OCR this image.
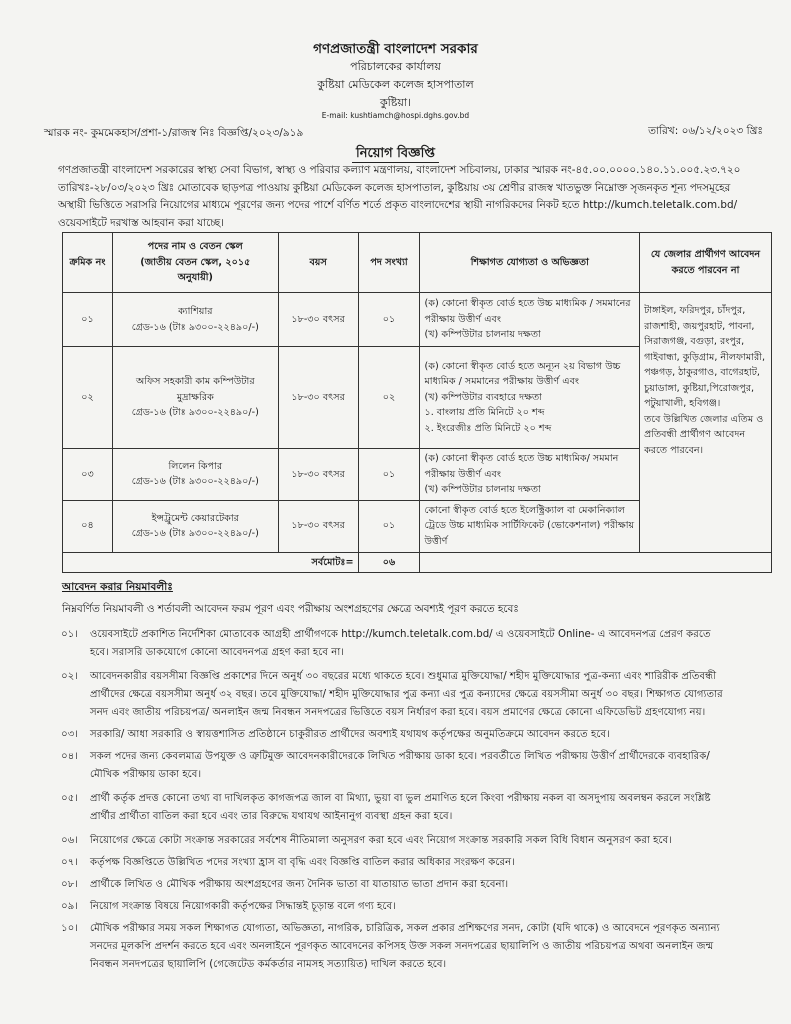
গণপ্রজাতন্ত্রী বাংলাদেশ সরকার
পরিচালকের কার্যালয়
কুষ্টিয়া মেডিকেল কলেজ হাসপাতাল
কুষ্টিয়া।
E-mail: kushtiamch@hospi.dghs.gov.bd
স্মারক নং- কুমমেকহাস/প্রশা-১/রাজস্ব নিঃ বিজ্ঞপ্তি/২০২৩/৯১৯	তারিখ: ০৬/১২/২০২৩ খ্রিঃ
নিয়োগ বিজ্ঞপ্তি
গণপ্রজাতন্ত্রী বাংলাদেশ সরকারের স্বাস্থ্য সেবা বিভাগ, স্বাস্থ্য ও পরিবার কল্যাণ মন্ত্রণালয়, বাংলাদেশ সচিবালয়, ঢাকার স্মারক নং-৪৫.০০.০০০০.১৪০.১১.০০৫.২৩.৭২০
তারিখঃ-২৮/০৩/২০২৩ খ্রিঃ মোতাবেক ছাড়পত্র পাওয়ায় কুষ্টিয়া মেডিকেল কলেজ হাসপাতাল, কুষ্টিয়ায় ৩য় শ্রেণীর রাজস্ব খাতভুক্ত নিম্নোক্ত সৃজনকৃত শূন্য পদসমূহের
অস্থায়ী ভিত্তিতে সরাসরি নিয়োগের মাধ্যমে পূরণের জন্য পদের পার্শে বর্ণিত শর্তে প্রকৃত বাংলাদেশের স্থায়ী নাগরিকদের নিকট হতে http://kumch.teletalk.com.bd/
ওয়েবসাইটে দরখাস্ত আহবান করা যাচ্ছে।
ক্রমিক নং	পদের নাম ও বেতন স্কেল
(জাতীয় বেতন স্কেল, ২০১৫
অনুযায়ী)	বয়স	পদ সংখ্যা	শিক্ষাগত যোগ্যতা ও অভিজ্ঞতা	যে জেলার প্রার্থীগণ আবেদন করতে পারবেন না
০১	ক্যাশিয়ার
গ্রেড-১৬ (টাঃ ৯৩০০-২২৪৯০/-)	১৮-৩০ বৎসর	০১	(ক) কোনো স্বীকৃত বোর্ড হতে উচ্চ মাধ্যমিক / সমমানের পরীক্ষায় উত্তীর্ণ এবং
(খ) কম্পিউটার চালনায় দক্ষতা	টাঙ্গাইল, ফরিদপুর, চাঁদপুর, রাজশাহী, জয়পুরহাট, পাবনা, সিরাজগঞ্জ, বগুড়া, রংপুর, গাইবান্ধা, কুড়িগ্রাম, নীলফামারী, পঞ্চগড়, ঠাকুরগাও, বাগেরহাট, চুয়াডাঙ্গা, কুষ্টিয়া,পিরোজপুর, পটুয়াখালী, হবিগঞ্জ।
তবে উল্লিখিত জেলার এতিম ও প্রতিবন্ধী প্রার্থীগণ আবেদন করতে পারবেন।
০২	অফিস সহকারী কাম কম্পিউটার মুদ্রাক্ষরিক
গ্রেড-১৬ (টাঃ ৯৩০০-২২৪৯০/-)	১৮-৩০ বৎসর	০২	(ক) কোনো স্বীকৃত বোর্ড হতে অন্যূন ২য় বিভাগ উচ্চ মাধ্যমিক / সমমানের পরীক্ষায় উত্তীর্ণ এবং
(খ) কম্পিউটার ব্যবহারে দক্ষতা
১. বাংলায় প্রতি মিনিটে ২০ শব্দ
২. ইংরেজীঃ প্রতি মিনিটে ২০ শব্দ	
০৩	লিলেন কিপার
গ্রেড-১৬ (টাঃ ৯৩০০-২২৪৯০/-)	১৮-৩০ বৎসর	০১	(ক) কোনো স্বীকৃত বোর্ড হতে উচ্চ মাধ্যমিক/ সমমান পরীক্ষায় উত্তীর্ণ এবং
(খ) কম্পিউটার চালনায় দক্ষতা	
০৪	ইন্সট্রুমেন্ট কেয়ারটেকার
গ্রেড-১৬ (টাঃ ৯৩০০-২২৪৯০/-)	১৮-৩০ বৎসর	০১	কোনো স্বীকৃত বোর্ড হতে ইলেক্ট্রিক্যাল বা মেকানিক্যাল ট্রেডে উচ্চ মাধ্যমিক সার্টিফিকেট (ভোকেশনাল) পরীক্ষায় উত্তীর্ণ	
সর্বমোটঃ=			০৬		
আবেদন করার নিয়মাবলীঃ
নিম্নবর্ণিত নিয়মাবলী ও শর্তাবলী আবেদন ফরম পূরণ এবং পরীক্ষায় অংশগ্রহণের ক্ষেত্রে অবশ্যই পূরণ করতে হবেঃ
০১। ওয়েবসাইটে প্রকাশিত নির্দেশিকা মোতাবেক আগ্রহী প্রার্থীগণকে http://kumch.teletalk.com.bd/ এ ওয়েবসাইটে Online- এ আবেদনপত্র প্রেরণ করতে
হবে। সরাসরি ডাকযোগে কোনো আবেদনপত্র গ্রহণ করা হবে না।
০২। আবেদনকারীর বয়সসীমা বিজ্ঞপ্তি প্রকাশের দিনে অনুর্ধ ৩০ বছরের মধ্যে থাকতে হবে। শুধুমাত্র মুক্তিযোদ্ধা/ শহীদ মুক্তিযোদ্ধার পুত্র-কন্যা এবং শারিরীক প্রতিবন্ধী
প্রার্থীদের ক্ষেত্রে বয়সসীমা অনুর্ধ ৩২ বছর। তবে মুক্তিযোদ্ধা/ শহীদ মুক্তিযোদ্ধার পুত্র কন্যা এর পুত্র কন্যাদের ক্ষেত্রে বয়সসীমা অনুর্ধ ৩০ বছর। শিক্ষাগত যোগ্যতার
সনদ এবং জাতীয় পরিচয়পত্র/ অনলাইন জন্ম নিবন্ধন সনদপত্রের ভিত্তিতে বয়স নির্ধারণ করা হবে। বয়স প্রমাণের ক্ষেত্রে কোনো এফিডেভিট গ্রহণযোগ্য নয়।
০৩। সরকারি/ আধা সরকারি ও স্বায়ত্তশাসিত প্রতিষ্ঠানে চাকুরীরত প্রার্থীদের অবশ্যই যথাযথ কর্তৃপক্ষের অনুমতিক্রমে আবেদন করতে হবে।
০৪। সকল পদের জন্য কেবলমাত্র উপযুক্ত ও ত্রুটিমুক্ত আবেদনকারীদেরকে লিখিত পরীক্ষায় ডাকা হবে। পরবর্তীতে লিখিত পরীক্ষায় উত্তীর্ণ প্রার্থীদেরকে ব্যবহারিক/
মৌখিক পরীক্ষায় ডাকা হবে।
০৫। প্রার্থী কর্তৃক প্রদত্ত কোনো তথ্য বা দাখিলকৃত কাগজপত্র জাল বা মিথ্যা, ভুয়া বা ভুল প্রমাণিত হলে কিংবা পরীক্ষায় নকল বা অসদুপায় অবলম্বন করলে সংশ্লিষ্ট
প্রার্থীর প্রার্থীতা বাতিল করা হবে এবং তার বিরুদ্ধে যথাযথ আইনানুগ ব্যবস্থা গ্রহন করা হবে।
০৬। নিয়োগের ক্ষেত্রে কোটা সংক্রান্ত সরকারের সর্বশেষ নীতিমালা অনুসরণ করা হবে এবং নিয়োগ সংক্রান্ত সরকারি সকল বিধি বিধান অনুসরণ করা হবে।
০৭। কর্তৃপক্ষ বিজ্ঞপ্তিতে উল্লিখিত পদের সংখ্যা হ্রাস বা বৃদ্ধি এবং বিজ্ঞপ্তি বাতিল করার অধিকার সংরক্ষণ করেন।
০৮। প্রার্থীকে লিখিত ও মৌখিক পরীক্ষায় অংশগ্রহণের জন্য দৈনিক ভাতা বা যাতায়াত ভাতা প্রদান করা হবেনা।
০৯। নিয়োগ সংক্রান্ত বিষয়ে নিয়োগকারী কর্তৃপক্ষের সিদ্ধান্তই চূড়ান্ত বলে গণ্য হবে।
১০। মৌখিক পরীক্ষার সময় সকল শিক্ষাগত যোগ্যতা, অভিজ্ঞতা, নাগরিক, চারিত্রিক, সকল প্রকার প্রশিক্ষণের সনদ, কোটা (যদি থাকে) ও আবেদনে পূরণকৃত অন্যান্য
সনদের মূলকপি প্রদর্শন করতে হবে এবং অনলাইনে পূরণকৃত আবেদনের কপিসহ উক্ত সকল সনদপত্রের ছায়ালিপি ও জাতীয় পরিচয়পত্র অথবা অনলাইন জন্ম
নিবন্ধন সনদপত্রের ছায়ালিপি (গেজেটেড কর্মকর্তার নামসহ সত্যায়িত) দাখিল করতে হবে।
